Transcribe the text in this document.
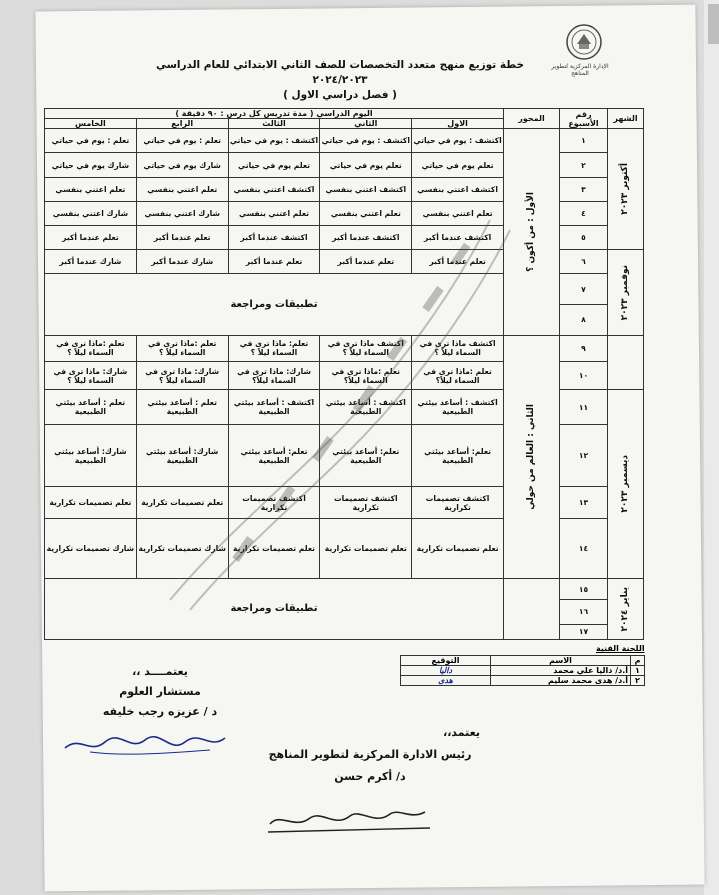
الإدارة المركزية لتطوير المناهج
خطة توزيع منهج متعدد التخصصات للصف الثاني الابتدائي للعام الدراسي ٢٠٢٤/٢٠٢٣
( فصل دراسي الاول )
الشهر	رقم الأسبوع	المحور	اليوم الدراسي ( مدة تدريس كل درس : ٩٠ دقيقة )				
			الاول	الثاني	الثالث	الرابع	الخامس

أكتوبر ٢٠٢٣	١	الأول : من أكون ؟	اكتشف : يوم في حياتي	اكتشف : يوم في حياتي	اكتشف : يوم في حياتي	تعلم : يوم في حياتي	تعلم : يوم في حياتي
	٢		تعلم يوم في حياتي	تعلم يوم في حياتي	تعلم يوم في حياتي	شارك يوم في حياتي	شارك يوم في حياتي
	٣		اكتشف اعتني بنفسي	اكتشف اعتني بنفسي	اكتشف اعتني بنفسي	تعلم اعتني بنفسي	تعلم اعتني بنفسي
	٤		تعلم اعتني بنفسي	تعلم اعتني بنفسي	تعلم اعتني بنفسي	شارك اعتني بنفسي	شارك اعتني بنفسي
	٥		اكتشف عندما أكبر	اكتشف عندما أكبر	اكتشف عندما أكبر	تعلم عندما أكبر	تعلم عندما أكبر

نوفمبر ٢٠٢٣	٦		تعلم عندما أكبر	تعلم عندما أكبر	تعلم عندما أكبر	شارك عندما أكبر	شارك عندما أكبر
	٧		تطبيقات ومراجعة				
	٨						
	٩	الثاني : العالم من حولي	اكتشف ماذا ترى في السماء ليلاً ؟	اكتشف ماذا ترى في السماء ليلاً ؟	تعلم: ماذا ترى في السماء ليلاً ؟	تعلم :ماذا ترى في السماء ليلاً ؟	تعلم :ماذا ترى في السماء ليلاً ؟
	١٠		تعلم :ماذا ترى في السماء ليلاً؟	تعلم :ماذا ترى في السماء ليلاً؟	شارك: ماذا ترى في السماء ليلاً؟	شارك: ماذا ترى في السماء ليلاً ؟	شارك: ماذا ترى في السماء ليلاً ؟

ديسمبر ٢٠٢٣	١١		اكتشف : أساعد بيئتي الطبيعية	اكتشف : أساعد بيئتي الطبيعية	اكتشف : أساعد بيئتي الطبيعية	تعلم : أساعد بيئتي الطبيعية	تعلم : أساعد بيئتي الطبيعية
	١٢		تعلم: أساعد بيئتي الطبيعية	تعلم: أساعد بيئتي الطبيعية	تعلم: أساعد بيئتي الطبيعية	شارك: أساعد بيئتي الطبيعية	شارك: أساعد بيئتي الطبيعية
	١٣		اكتشف تصميمات تكرارية	اكتشف تصميمات تكرارية	اكتشف تصميمات تكرارية	تعلم تصميمات تكرارية	تعلم تصميمات تكرارية
	١٤		تعلم تصميمات تكرارية	تعلم تصميمات تكرارية	تعلم تصميمات تكرارية	شارك تصميمات تكرارية	شارك تصميمات تكرارية

يناير ٢٠٢٤	١٥		تطبيقات ومراجعة				
	١٦						
	١٧						
يعتمــــد ،،
مستشار العلوم
د / عزيزه رجب خليفه
اللجنة الفنية
م	الاسم	التوقيع
١	أ.د/ داليا علي محمد	داليا
٢	أ.د/ هدى محمد سليم	هدى
يعتمد،،
رئيس الادارة المركزية لتطوير المناهج
د/ أكرم حسن
